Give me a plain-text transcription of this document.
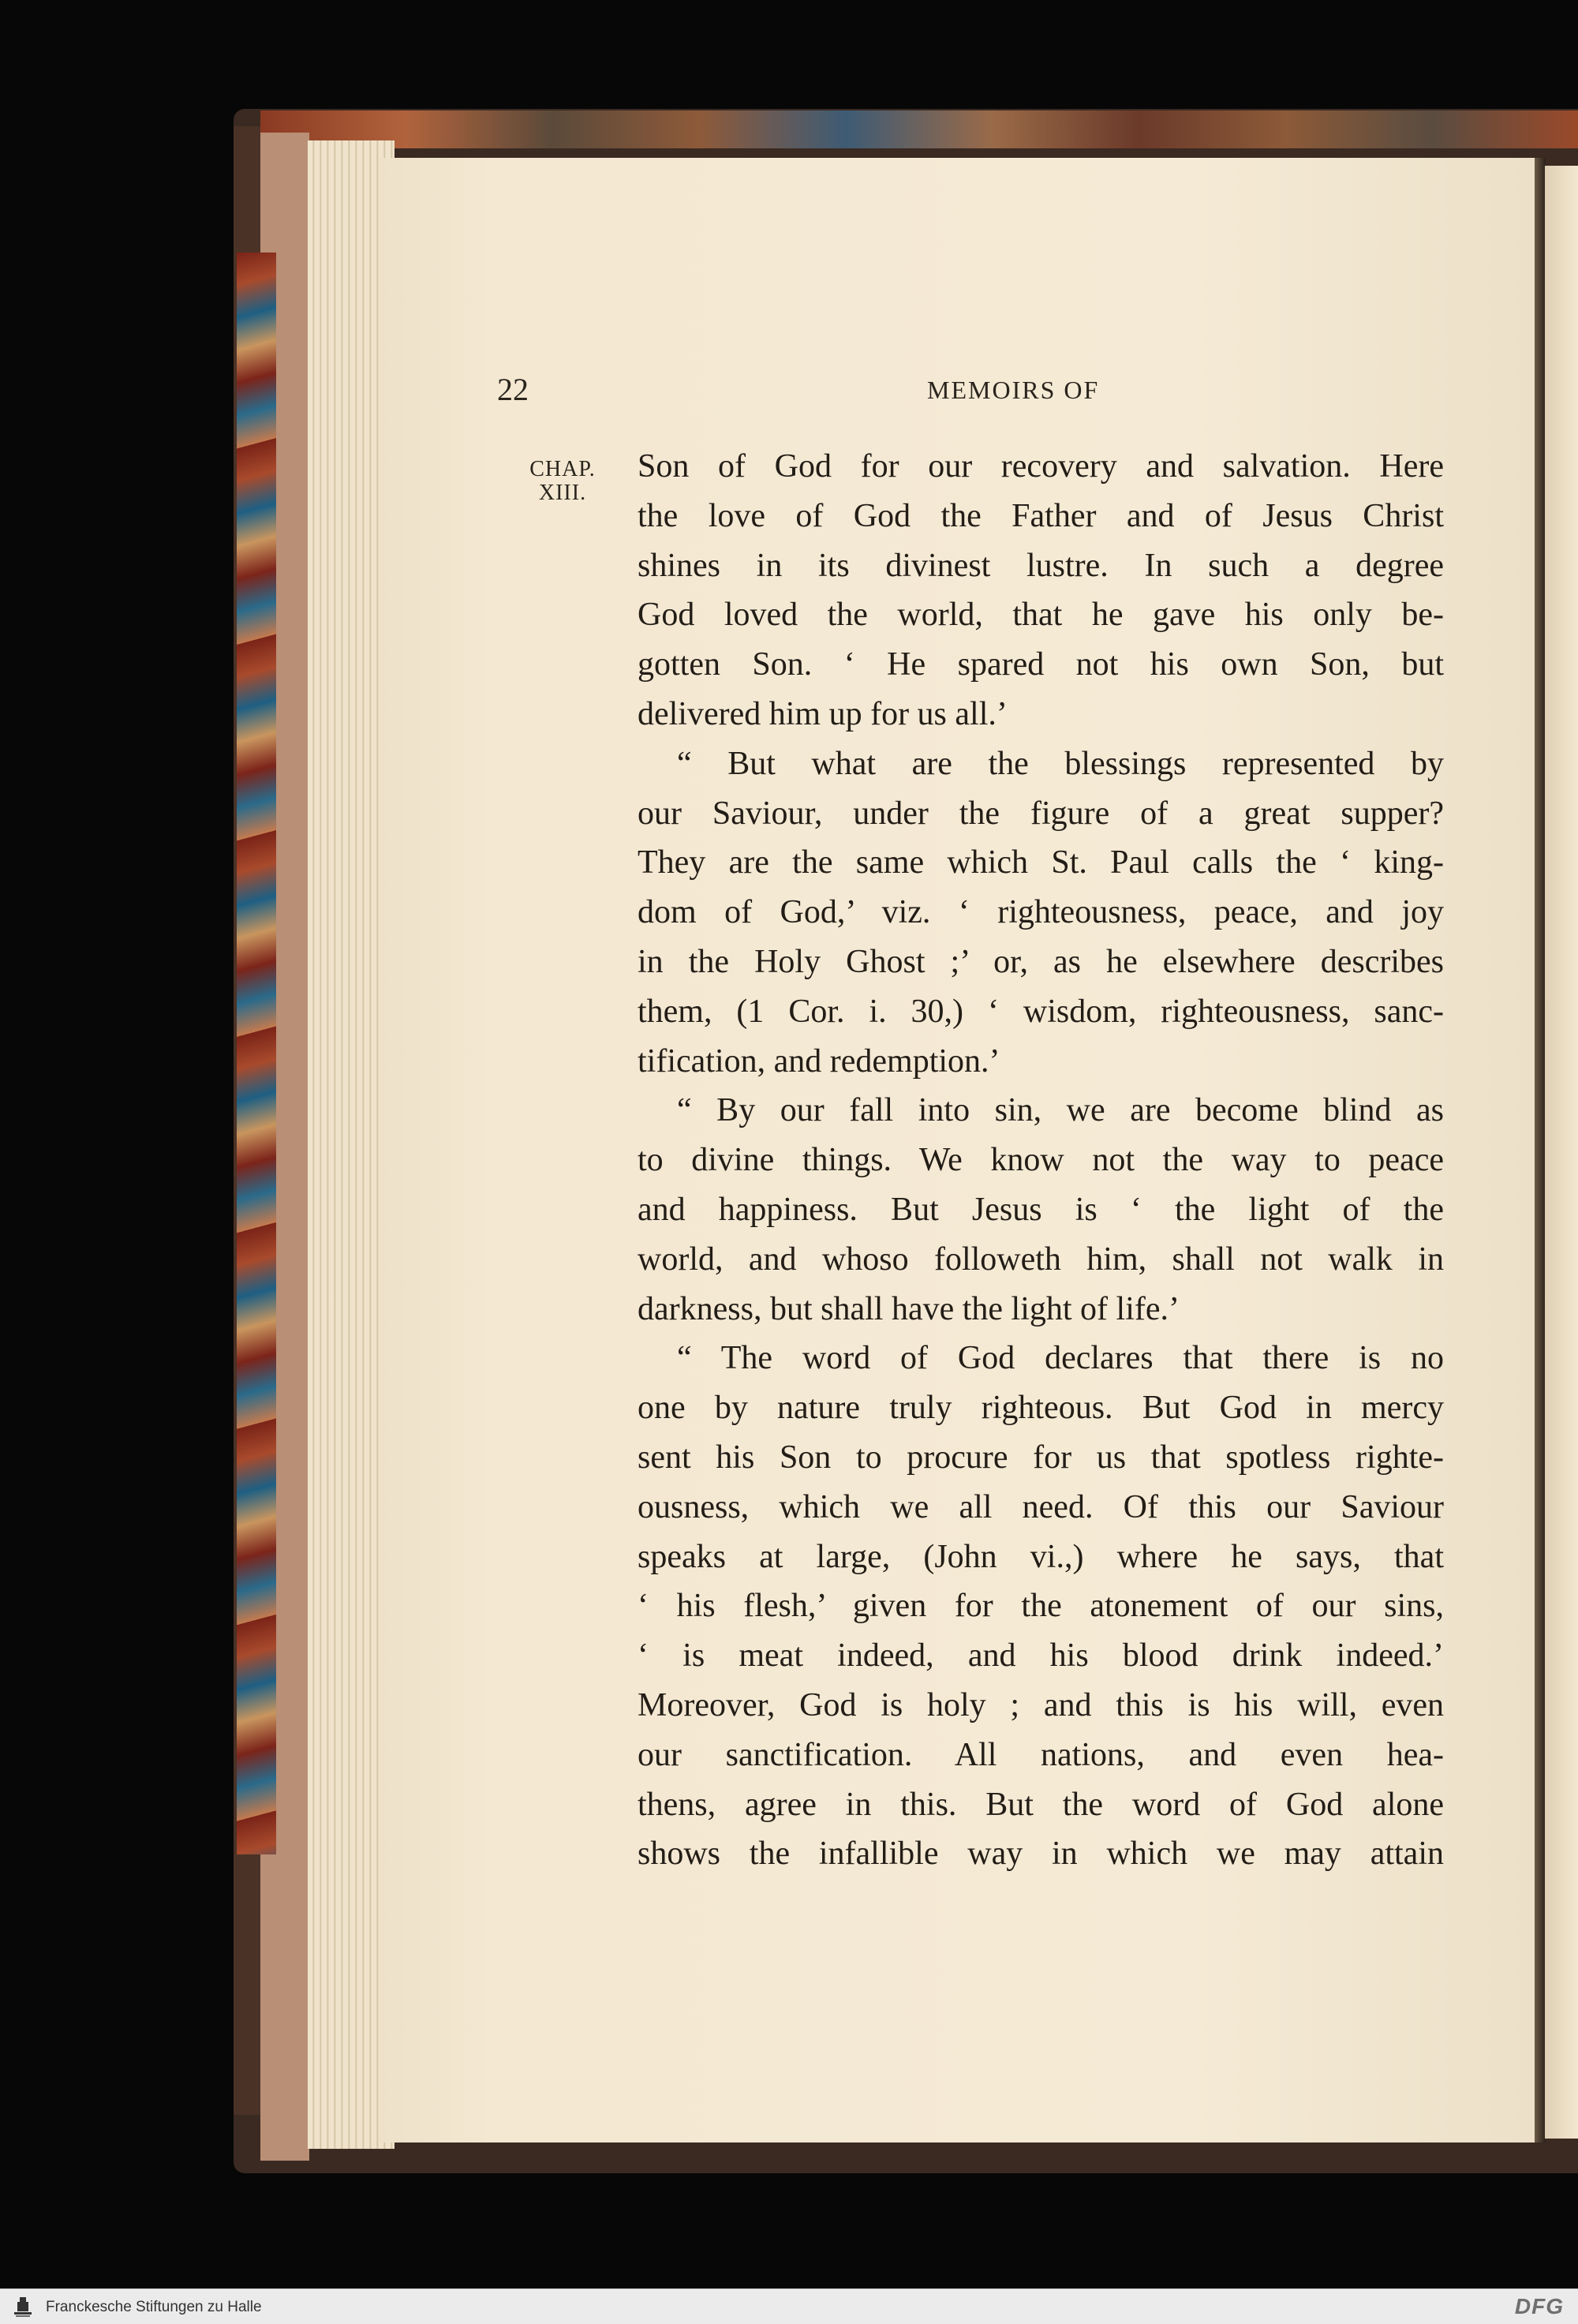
22	MEMOIRS OF
CHAP.
XIII.
Son of God for our recovery and salvation. Here
the love of God the Father and of Jesus Christ
shines in its divinest lustre. In such a degree
God loved the world, that he gave his only be-
gotten Son. ‘ He spared not his own Son, but
delivered him up for us all.’
“ But what are the blessings represented by
our Saviour, under the figure of a great supper?
They are the same which St. Paul calls the ‘ king-
dom of God,’ viz. ‘ righteousness, peace, and joy
in the Holy Ghost ;’ or, as he elsewhere describes
them, (1 Cor. i. 30,) ‘ wisdom, righteousness, sanc-
tification, and redemption.’
“ By our fall into sin, we are become blind as
to divine things. We know not the way to peace
and happiness. But Jesus is ‘ the light of the
world, and whoso followeth him, shall not walk in
darkness, but shall have the light of life.’
“ The word of God declares that there is no
one by nature truly righteous. But God in mercy
sent his Son to procure for us that spotless righte-
ousness, which we all need. Of this our Saviour
speaks at large, (John vi.,) where he says, that
‘ his flesh,’ given for the atonement of our sins,
‘ is meat indeed, and his blood drink indeed.’
Moreover, God is holy ; and this is his will, even
our sanctification. All nations, and even hea-
thens, agree in this. But the word of God alone
shows the infallible way in which we may attain
Franckesche Stiftungen zu Halle	DFG
